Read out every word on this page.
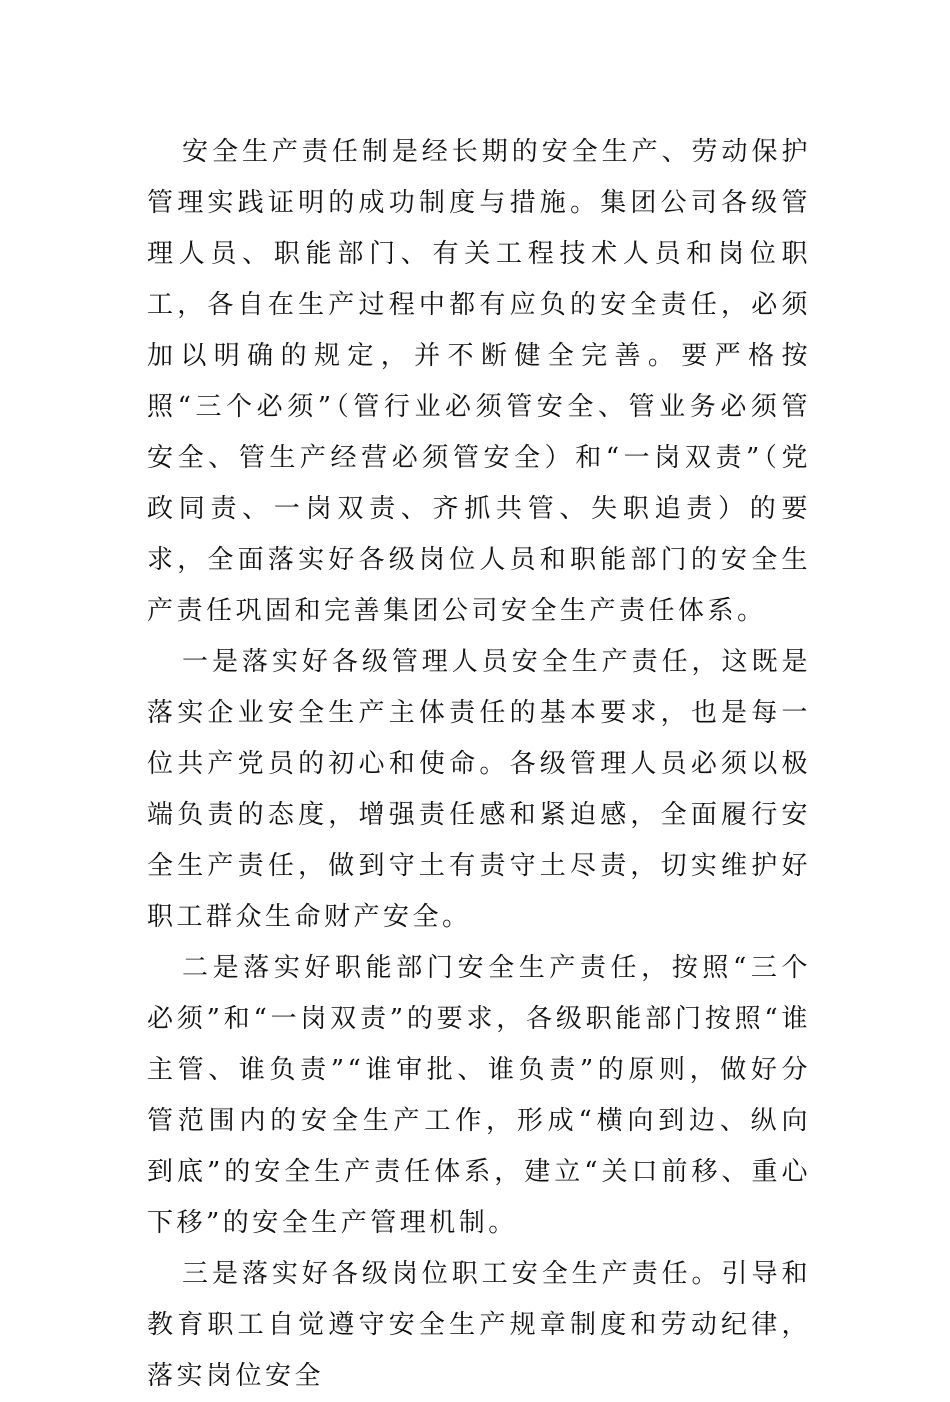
安全生产责任制是经长期的安全生产、劳动保护管理实践证明的成功制度与措施。集团公司各级管理人员、职能部门、有关工程技术人员和岗位职工，各自在生产过程中都有应负的安全责任，必须加以明确的规定，并不断健全完善。要严格按照“三个必须”（管行业必须管安全、管业务必须管安全、管生产经营必须管安全）和“一岗双责”（党政同责、一岗双责、齐抓共管、失职追责）的要求，全面落实好各级岗位人员和职能部门的安全生产责任巩固和完善集团公司安全生产责任体系。

一是落实好各级管理人员安全生产责任，这既是落实企业安全生产主体责任的基本要求，也是每一位共产党员的初心和使命。各级管理人员必须以极端负责的态度，增强责任感和紧迫感，全面履行安全生产责任，做到守土有责守土尽责，切实维护好职工群众生命财产安全。

二是落实好职能部门安全生产责任，按照“三个必须”和“一岗双责”的要求，各级职能部门按照“谁主管、谁负责”“谁审批、谁负责”的原则，做好分管范围内的安全生产工作，形成“横向到边、纵向到底”的安全生产责任体系，建立“关口前移、重心下移”的安全生产管理机制。

三是落实好各级岗位职工安全生产责任。引导和教育职工自觉遵守安全生产规章制度和劳动纪律，落实岗位安全
